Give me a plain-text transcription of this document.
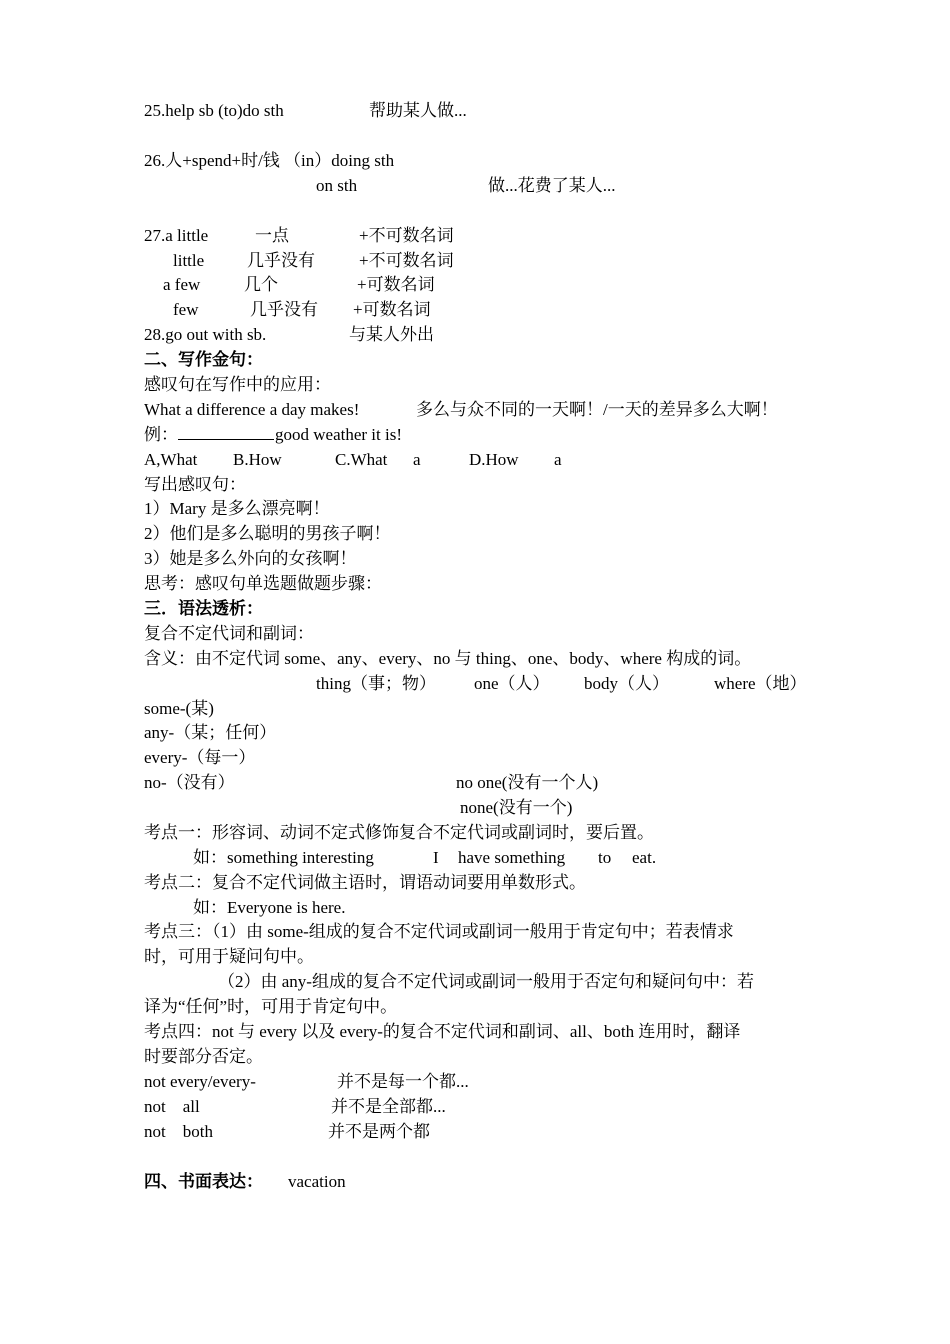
25.help sb (to)do sth	帮助某人做...
26.人+spend+时/钱 （in）doing sth
on sth	做...花费了某人...
27.a little	一点	+不可数名词
little	几乎没有	+不可数名词
a few	几个	+可数名词
few	几乎没有 +可数名词
28.go out with sb.	与某人外出
二、写作金句：
感叹句在写作中的应用：
What a difference a day makes!	多么与众不同的一天啊！/一天的差异多么大啊！
例：	good weather it is!
A,What B.How	C.What a	D.How a
写出感叹句：
1）Mary 是多么漂亮啊！
2）他们是多么聪明的男孩子啊！
3）她是多么外向的女孩啊！
思考：感叹句单选题做题步骤：
三．语法透析：
复合不定代词和副词：
含义：由不定代词 some、any、every、no 与 thing、one、body、where 构成的词。
thing（事；物） one（人） body（人）	where（地）
some-(某)
any-（某；任何）
every-（每一）
no-（没有）	no one(没有一个人)
none(没有一个)
考点一：形容词、动词不定式修饰复合不定代词或副词时，要后置。
如：something interesting	I have something to eat.
考点二：复合不定代词做主语时，谓语动词要用单数形式。
如：Everyone is here.
考点三：（1）由 some-组成的复合不定代词或副词一般用于肯定句中；若表情求
时，可用于疑问句中。
（2）由 any-组成的复合不定代词或副词一般用于否定句和疑问句中：若
译为“任何”时，可用于肯定句中。
考点四：not 与 every 以及 every-的复合不定代词和副词、all、both 连用时，翻译
时要部分否定。
not every/every-	并不是每一个都...
not    all	并不是全部都...
not    both	并不是两个都
四、书面表达： vacation
